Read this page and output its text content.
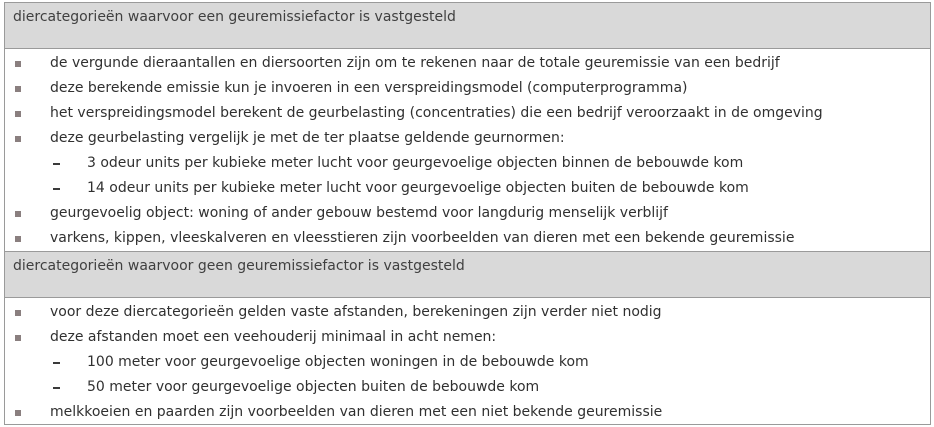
diercategorieën waarvoor een geuremissiefactor is vastgesteld
de vergunde dieraantallen en diersoorten zijn om te rekenen naar de totale geuremissie van een bedrijf
deze berekende emissie kun je invoeren in een verspreidingsmodel (computerprogramma)
het verspreidingsmodel berekent de geurbelasting (concentraties) die een bedrijf veroorzaakt in de omgeving
deze geurbelasting vergelijk je met de ter plaatse geldende geurnormen:
3 odeur units per kubieke meter lucht voor geurgevoelige objecten binnen de bebouwde kom
14 odeur units per kubieke meter lucht voor geurgevoelige objecten buiten de bebouwde kom
geurgevoelig object: woning of ander gebouw bestemd voor langdurig menselijk verblijf
varkens, kippen, vleeskalveren en vleesstieren zijn voorbeelden van dieren met een bekende geuremissie
diercategorieën waarvoor geen geuremissiefactor is vastgesteld
voor deze diercategorieën gelden vaste afstanden, berekeningen zijn verder niet nodig
deze afstanden moet een veehouderij minimaal in acht nemen:
100 meter voor geurgevoelige objecten woningen in de bebouwde kom
50 meter voor geurgevoelige objecten buiten de bebouwde kom
melkkoeien en paarden zijn voorbeelden van dieren met een niet bekende geuremissie
